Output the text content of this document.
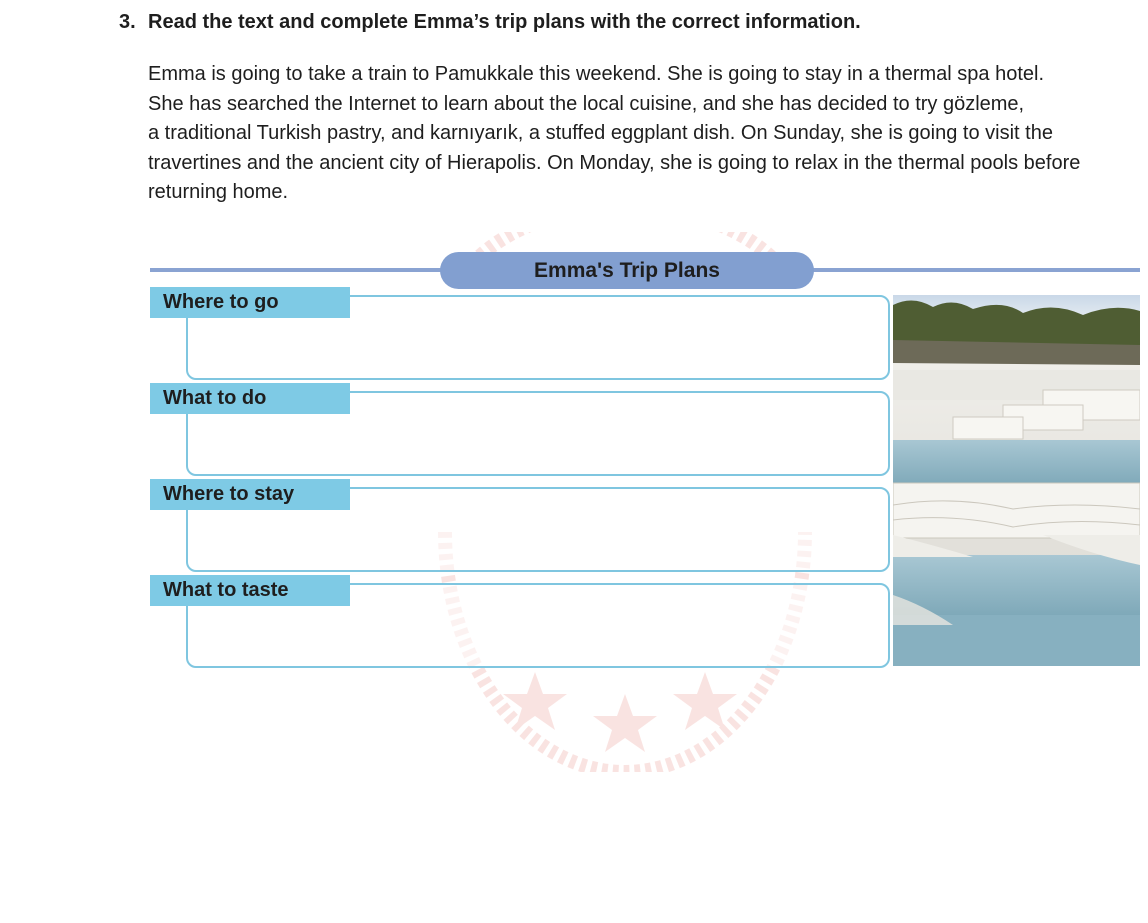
3. Read the text and complete Emma’s trip plans with the correct information.
Emma is going to take a train to Pamukkale this weekend. She is going to stay in a thermal spa hotel.
She has searched the Internet to learn about the local cuisine, and she has decided to try gözleme,
a traditional Turkish pastry, and karnıyarık, a stuffed eggplant dish. On Sunday, she is going to visit the
travertines and the ancient city of Hierapolis. On Monday, she is going to relax in the thermal pools before
returning home.
Emma's Trip Plans
Where to go
What to do
Where to stay
What to taste
